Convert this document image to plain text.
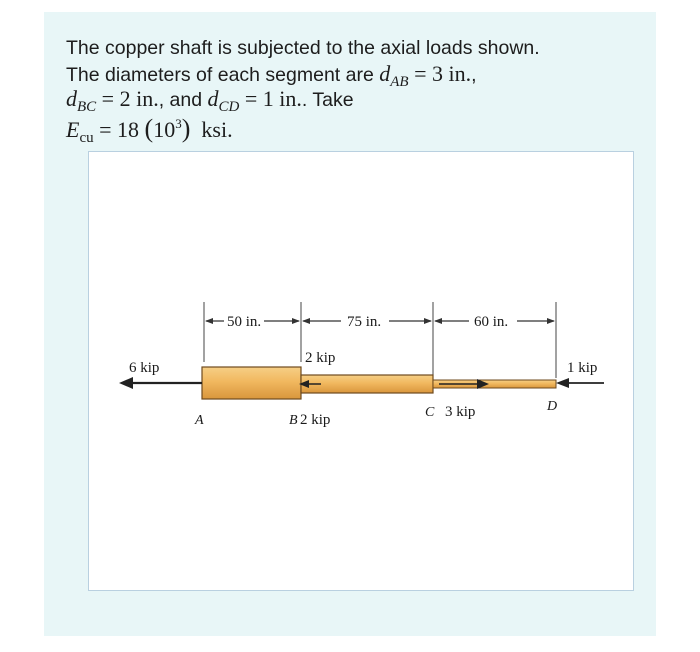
The copper shaft is subjected to the axial loads shown.
The diameters of each segment are $d_{AB} = 3$ in.,
$d_{BC} = 2$ in., and $d_{CD} = 1$ in.. Take
$E_{cu} = 18$ $(10^3)$ ksi.
50 in.	75 in.	60 in.
6 kip
2 kip
1 kip
A	B 2 kip	C 3 kip	D
